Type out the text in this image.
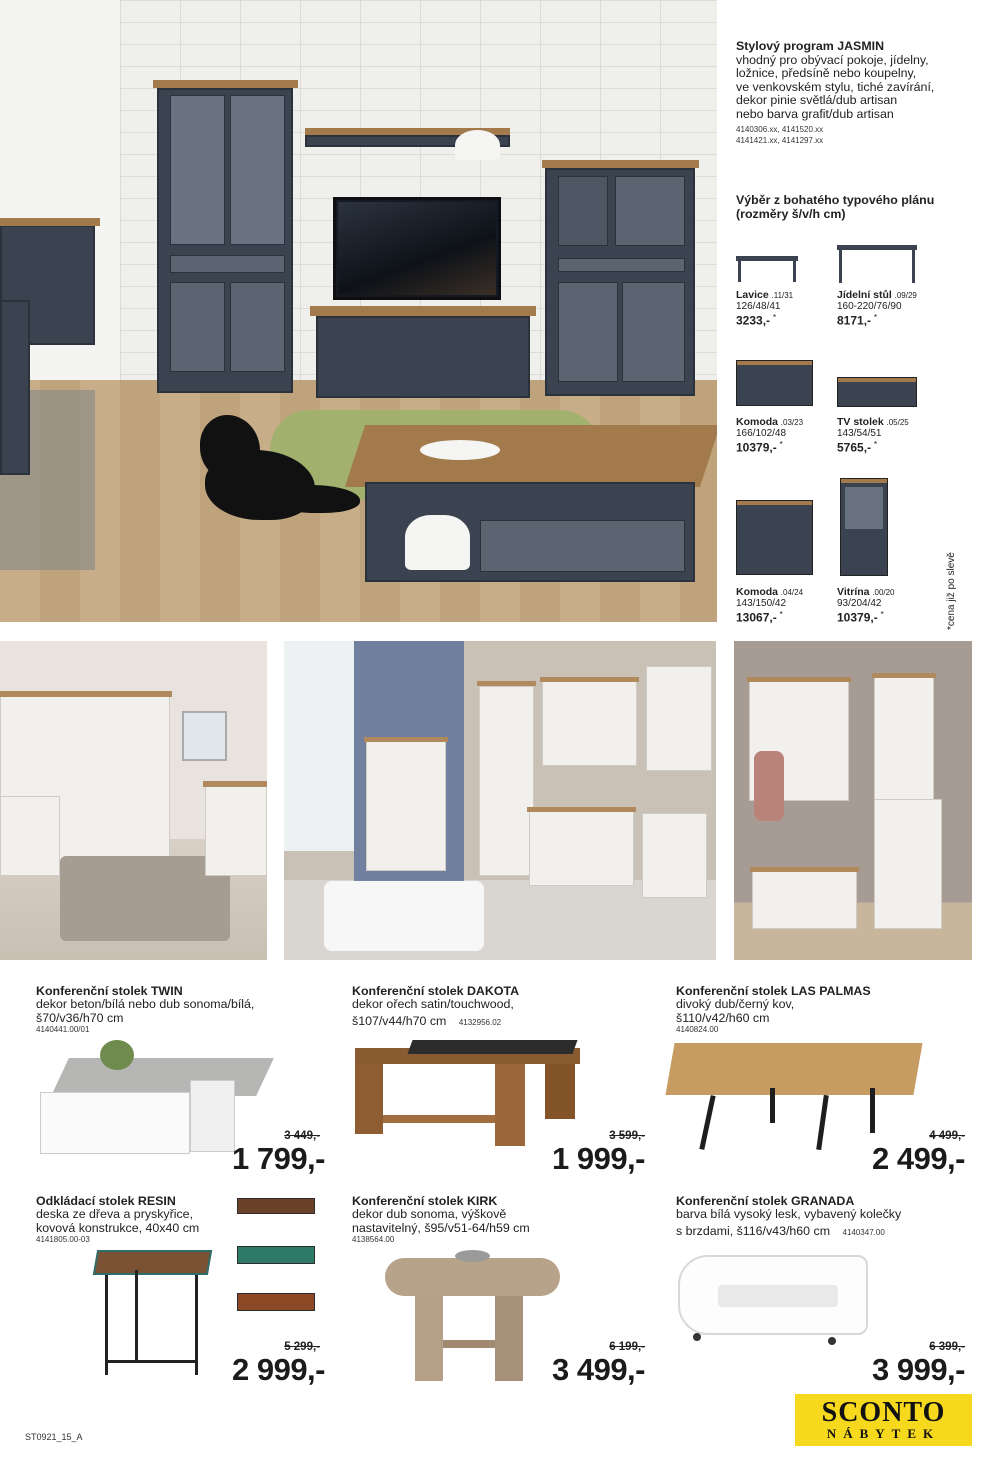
Stylový program JASMIN
vhodný pro obývací pokoje, jídelny,
ložnice, předsíně nebo koupelny,
ve venkovském stylu, tiché zavírání,
dekor pinie světlá/dub artisan
nebo barva grafit/dub artisan
4140306.xx, 4141520.xx
4141421.xx, 4141297.xx
Výběr z bohatého typového plánu
(rozměry š/v/h cm)
Lavice .11/31
126/48/41
3233,- *
Jídelní stůl .09/29
160-220/76/90
8171,- *
Komoda .03/23
166/102/48
10379,- *
TV stolek .05/25
143/54/51
5765,- *
Komoda .04/24
143/150/42
13067,- *
Vitrína .00/20
93/204/42
10379,- *	*cena již po slevě
Konferenční stolek TWIN
dekor beton/bílá nebo dub sonoma/bílá,
š70/v36/h70 cm
4140441.00/01
3 449,-
1 799,-
Konferenční stolek DAKOTA
dekor ořech satin/touchwood,
š107/v44/h70 cm 4132956.02
3 599,-
1 999,-
Konferenční stolek LAS PALMAS
divoký dub/černý kov,
š110/v42/h60 cm
4140824.00
4 499,-
2 499,-
Odkládací stolek RESIN
deska ze dřeva a pryskyřice,
kovová konstrukce, 40x40 cm
4141805.00-03
5 299,-
2 999,-
Konferenční stolek KIRK
dekor dub sonoma, výškově
nastavitelný, š95/v51-64/h59 cm
4138564.00
6 199,-
3 499,-
Konferenční stolek GRANADA
barva bílá vysoký lesk, vybavený kolečky
s brzdami, š116/v43/h60 cm 4140347.00
6 399,-
3 999,-
SCONTO
NÁBYTEK
ST0921_15_A
